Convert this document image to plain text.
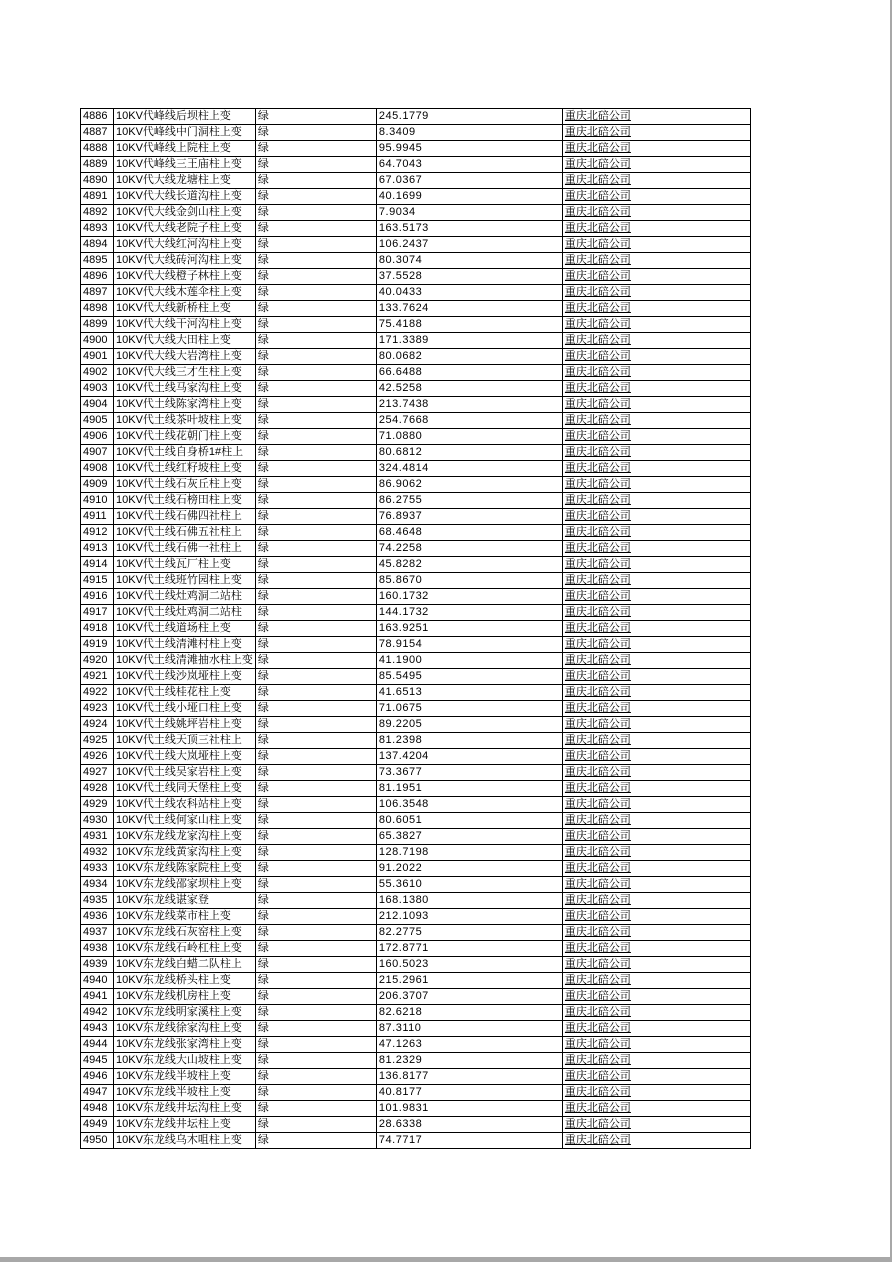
4886	10KV代峰线后坝柱上变	绿	245.1779	重庆北碚公司
4887	10KV代峰线中门洞柱上变	绿	8.3409	重庆北碚公司
4888	10KV代峰线上院柱上变	绿	95.9945	重庆北碚公司
4889	10KV代峰线三王庙柱上变	绿	64.7043	重庆北碚公司
4890	10KV代大线龙塘柱上变	绿	67.0367	重庆北碚公司
4891	10KV代大线长道沟柱上变	绿	40.1699	重庆北碚公司
4892	10KV代大线金剑山柱上变	绿	7.9034	重庆北碚公司
4893	10KV代大线老院子柱上变	绿	163.5173	重庆北碚公司
4894	10KV代大线红河沟柱上变	绿	106.2437	重庆北碚公司
4895	10KV代大线砖河沟柱上变	绿	80.3074	重庆北碚公司
4896	10KV代大线橙子林柱上变	绿	37.5528	重庆北碚公司
4897	10KV代大线木莲伞柱上变	绿	40.0433	重庆北碚公司
4898	10KV代大线新桥柱上变	绿	133.7624	重庆北碚公司
4899	10KV代大线干河沟柱上变	绿	75.4188	重庆北碚公司
4900	10KV代大线大田柱上变	绿	171.3389	重庆北碚公司
4901	10KV代大线大岩湾柱上变	绿	80.0682	重庆北碚公司
4902	10KV代大线三才生柱上变	绿	66.6488	重庆北碚公司
4903	10KV代土线马家沟柱上变	绿	42.5258	重庆北碚公司
4904	10KV代土线陈家湾柱上变	绿	213.7438	重庆北碚公司
4905	10KV代土线茶叶坡柱上变	绿	254.7668	重庆北碚公司
4906	10KV代土线花朝门柱上变	绿	71.0880	重庆北碚公司
4907	10KV代土线自身桥1#柱上	绿	80.6812	重庆北碚公司
4908	10KV代土线红籽坡柱上变	绿	324.4814	重庆北碚公司
4909	10KV代土线石灰丘柱上变	绿	86.9062	重庆北碚公司
4910	10KV代土线石榜田柱上变	绿	86.2755	重庆北碚公司
4911	10KV代土线石佛四社柱上	绿	76.8937	重庆北碚公司
4912	10KV代土线石佛五社柱上	绿	68.4648	重庆北碚公司
4913	10KV代土线石佛一社柱上	绿	74.2258	重庆北碚公司
4914	10KV代土线瓦厂柱上变	绿	45.8282	重庆北碚公司
4915	10KV代土线班竹园柱上变	绿	85.8670	重庆北碚公司
4916	10KV代土线灶鸡洞二站柱	绿	160.1732	重庆北碚公司
4917	10KV代土线灶鸡洞二站柱	绿	144.1732	重庆北碚公司
4918	10KV代土线道场柱上变	绿	163.9251	重庆北碚公司
4919	10KV代土线清滩村柱上变	绿	78.9154	重庆北碚公司
4920	10KV代土线清滩抽水柱上变	绿	41.1900	重庆北碚公司
4921	10KV代土线沙岚垭柱上变	绿	85.5495	重庆北碚公司
4922	10KV代土线桂花柱上变	绿	41.6513	重庆北碚公司
4923	10KV代土线小垭口柱上变	绿	71.0675	重庆北碚公司
4924	10KV代土线姚坪岩柱上变	绿	89.2205	重庆北碚公司
4925	10KV代土线天顶三社柱上	绿	81.2398	重庆北碚公司
4926	10KV代土线大岚垭柱上变	绿	137.4204	重庆北碚公司
4927	10KV代土线吴家岩柱上变	绿	73.3677	重庆北碚公司
4928	10KV代土线同天堡柱上变	绿	81.1951	重庆北碚公司
4929	10KV代土线农科站柱上变	绿	106.3548	重庆北碚公司
4930	10KV代土线何家山柱上变	绿	80.6051	重庆北碚公司
4931	10KV东龙线龙家沟柱上变	绿	65.3827	重庆北碚公司
4932	10KV东龙线黄家沟柱上变	绿	128.7198	重庆北碚公司
4933	10KV东龙线陈家院柱上变	绿	91.2022	重庆北碚公司
4934	10KV东龙线邵家坝柱上变	绿	55.3610	重庆北碚公司
4935	10KV东龙线谌家登	绿	168.1380	重庆北碚公司
4936	10KV东龙线菜市柱上变	绿	212.1093	重庆北碚公司
4937	10KV东龙线石灰窑柱上变	绿	82.2775	重庆北碚公司
4938	10KV东龙线石岭杠柱上变	绿	172.8771	重庆北碚公司
4939	10KV东龙线白蜡二队柱上	绿	160.5023	重庆北碚公司
4940	10KV东龙线桥头柱上变	绿	215.2961	重庆北碚公司
4941	10KV东龙线机房柱上变	绿	206.3707	重庆北碚公司
4942	10KV东龙线明家溪柱上变	绿	82.6218	重庆北碚公司
4943	10KV东龙线徐家沟柱上变	绿	87.3110	重庆北碚公司
4944	10KV东龙线张家湾柱上变	绿	47.1263	重庆北碚公司
4945	10KV东龙线大山坡柱上变	绿	81.2329	重庆北碚公司
4946	10KV东龙线半坡柱上变	绿	136.8177	重庆北碚公司
4947	10KV东龙线半坡柱上变	绿	40.8177	重庆北碚公司
4948	10KV东龙线井坛沟柱上变	绿	101.9831	重庆北碚公司
4949	10KV东龙线井坛柱上变	绿	28.6338	重庆北碚公司
4950	10KV东龙线乌木咀柱上变	绿	74.7717	重庆北碚公司
